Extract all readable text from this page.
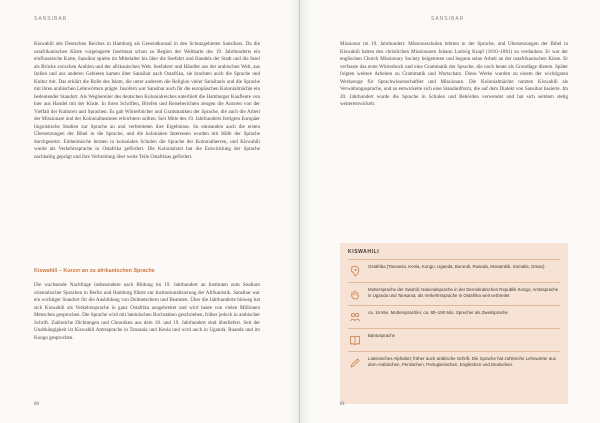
SANSIBAR

Kiswahili des Deutschen Reiches in Hamburg als Generalkonsul in den Schutzgebieten Sansibars. Da die ostafrikanischen Küste vorgelagerte Inselstaat schon zu Beginn der Weltkarte des 19. Jahrhunderts ein einflussreiche Karte, Sansibar spielte im Mittelalter bis über die Seefahrt und Handels der Stadt und die Insel als Brücke zwischen Arabien und der afrikanischen Welt. Seefahrer und Händler aus der arabischen Welt, aus Indien und aus anderen Gebieten kamen über Sansibar nach Ostafrika, sie brachten auch die Sprache und Kultur mit. Das erklärt die Rolle des Islam, die unter anderem die Religion vieler Sansibaris und die Sprache mit ihren arabischen Lehnwörtern prägte. Insofern war Sansibar auch für die europäischen Kolonialmächte ein bedeutender Standort. Als Wegbereiter des deutschen Kolonialreiches unterhielt die Hamburger Kaufleute von hier aus Handel mit der Küste. In ihren Schriften, Briefen und Reiseberichten zeugen die Autoren von der Vielfalt der Kulturen und Sprachen. Es gab Wörterbücher und Grammatiken der Sprache, die auch die Arbeit der Missionare und der Kolonialbeamten erleichtern sollten. Seit Mitte des 19. Jahrhunderts fertigten Europäer linguistische Studien zur Sprache an und verbreiteten ihre Ergebnisse. So entstanden auch die ersten Übersetzungen der Bibel in die Sprache, und die kolonialen Interessen wurden mit Hilfe der Sprache durchgesetzt. Einheimische lernten in kolonialen Schulen die Sprache der Kolonialherren, und Kiswahili wurde als Verkehrssprache in Ostafrika gefördert. Die Kolonialzeit hat die Entwicklung der Sprache nachhaltig geprägt und ihre Verbreitung über weite Teile Ostafrikas gefördert.

Kiswahili – Kurzer an zu afrikanischen Sprache

Die wachsende Nachfrage insbesondere nach Bildung im 19. Jahrhundert an Instituten zum Studium orientalischer Sprachen in Berlin und Hamburg führte zur Institutionalisierung der Afrikanistik. Sansibar war ein wichtiger Standort für die Ausbildung von Dolmetschern und Beamten. Über die Jahrhunderte hinweg hat sich Kiswahili als Verkehrssprache in ganz Ostafrika ausgebreitet und wird heute von vielen Millionen Menschen gesprochen. Die Sprache wird mit lateinischen Buchstaben geschrieben, früher jedoch in arabischer Schrift. Zahlreiche Dichtungen und Chroniken aus dem 18. und 19. Jahrhundert sind überliefert. Seit der Unabhängigkeit ist Kiswahili Amtssprache in Tansania und Kenia und wird auch in Uganda, Ruanda und im Kongo gesprochen.

80
SANSIBAR

Missionar im 19. Jahrhundert: Missionsschulen lehrten in der Sprache, und Übersetzungen der Bibel in Kiswahili hatten den christlichen Missionaren Johann Ludwig Krapf (1810–1881) zu verdanken. Er war der englischen Church Missionary Society beigetreten und begann seine Arbeit an der ostafrikanischen Küste. Er verfasste das erste Wörterbuch und eine Grammatik der Sprache, die noch heute als Grundlage dienen. Später folgten weitere Arbeiten zu Grammatik und Wortschatz. Diese Werke wurden zu einem der wichtigsten Werkzeuge für Sprachwissenschaftler und Missionare. Die Kolonialmächte nutzten Kiswahili als Verwaltungssprache, und so entwickelte sich eine Standardform, die auf dem Dialekt von Sansibar basierte. Im 20. Jahrhundert wurde die Sprache in Schulen und Behörden verwendet und hat sich seitdem stetig weiterentwickelt.

KISWAHILI
Ostafrika (Tansania, Kenia, Kongo, Uganda, Burundi, Ruanda, Mosambik, Somalia, Oman)
Muttersprache der Swahili; Nationalsprache in der Demokratischen Republik Kongo; Amtssprache in Uganda und Tansania; als Verkehrssprache in Ostafrika weit verbreitet
ca. 16 Mio. Muttersprachler, ca. 80–150 Mio. Sprecher als Zweitsprache
Bantusprache
Lateinisches Alphabet; früher auch arabische Schrift. Die Sprache hat zahlreiche Lehnwörter aus dem Arabischen, Persischen, Portugiesischen, Englischen und Deutschen.
81
